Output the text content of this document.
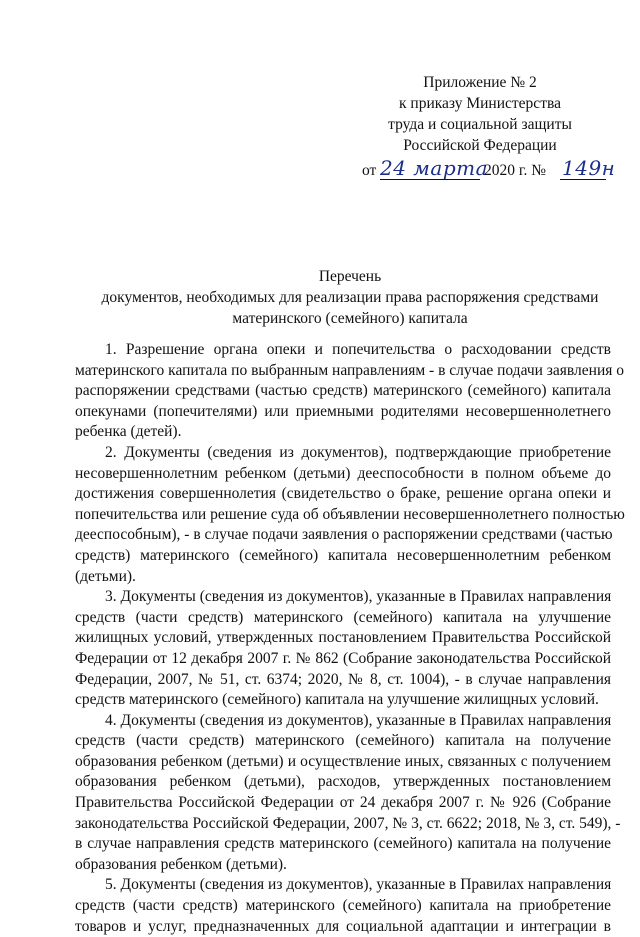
Приложение № 2
к приказу Министерства
труда и социальной защиты
Российской Федерации
от 24 марта
2020 г. № 149н
Перечень
документов, необходимых для реализации права распоряжения средствами
материнского (семейного) капитала
1. Разрешение органа опеки и попечительства о расходовании средств
материнского капитала по выбранным направлениям - в случае подачи заявления о
распоряжении средствами (частью средств) материнского (семейного) капитала
опекунами (попечителями) или приемными родителями несовершеннолетнего
ребенка (детей).
2. Документы (сведения из документов), подтверждающие приобретение
несовершеннолетним ребенком (детьми) дееспособности в полном объеме до
достижения совершеннолетия (свидетельство о браке, решение органа опеки и
попечительства или решение суда об объявлении несовершеннолетнего полностью
дееспособным), - в случае подачи заявления о распоряжении средствами (частью
средств) материнского (семейного) капитала несовершеннолетним ребенком
(детьми).
3. Документы (сведения из документов), указанные в Правилах направления
средств (части средств) материнского (семейного) капитала на улучшение
жилищных условий, утвержденных постановлением Правительства Российской
Федерации от 12 декабря 2007 г. № 862 (Собрание законодательства Российской
Федерации, 2007, № 51, ст. 6374; 2020, № 8, ст. 1004), - в случае направления
средств материнского (семейного) капитала на улучшение жилищных условий.
4. Документы (сведения из документов), указанные в Правилах направления
средств (части средств) материнского (семейного) капитала на получение
образования ребенком (детьми) и осуществление иных, связанных с получением
образования ребенком (детьми), расходов, утвержденных постановлением
Правительства Российской Федерации от 24 декабря 2007 г. № 926 (Собрание
законодательства Российской Федерации, 2007, № 3, ст. 6622; 2018, № 3, ст. 549), -
в случае направления средств материнского (семейного) капитала на получение
образования ребенком (детьми).
5. Документы (сведения из документов), указанные в Правилах направления
средств (части средств) материнского (семейного) капитала на приобретение
товаров и услуг, предназначенных для социальной адаптации и интеграции в
